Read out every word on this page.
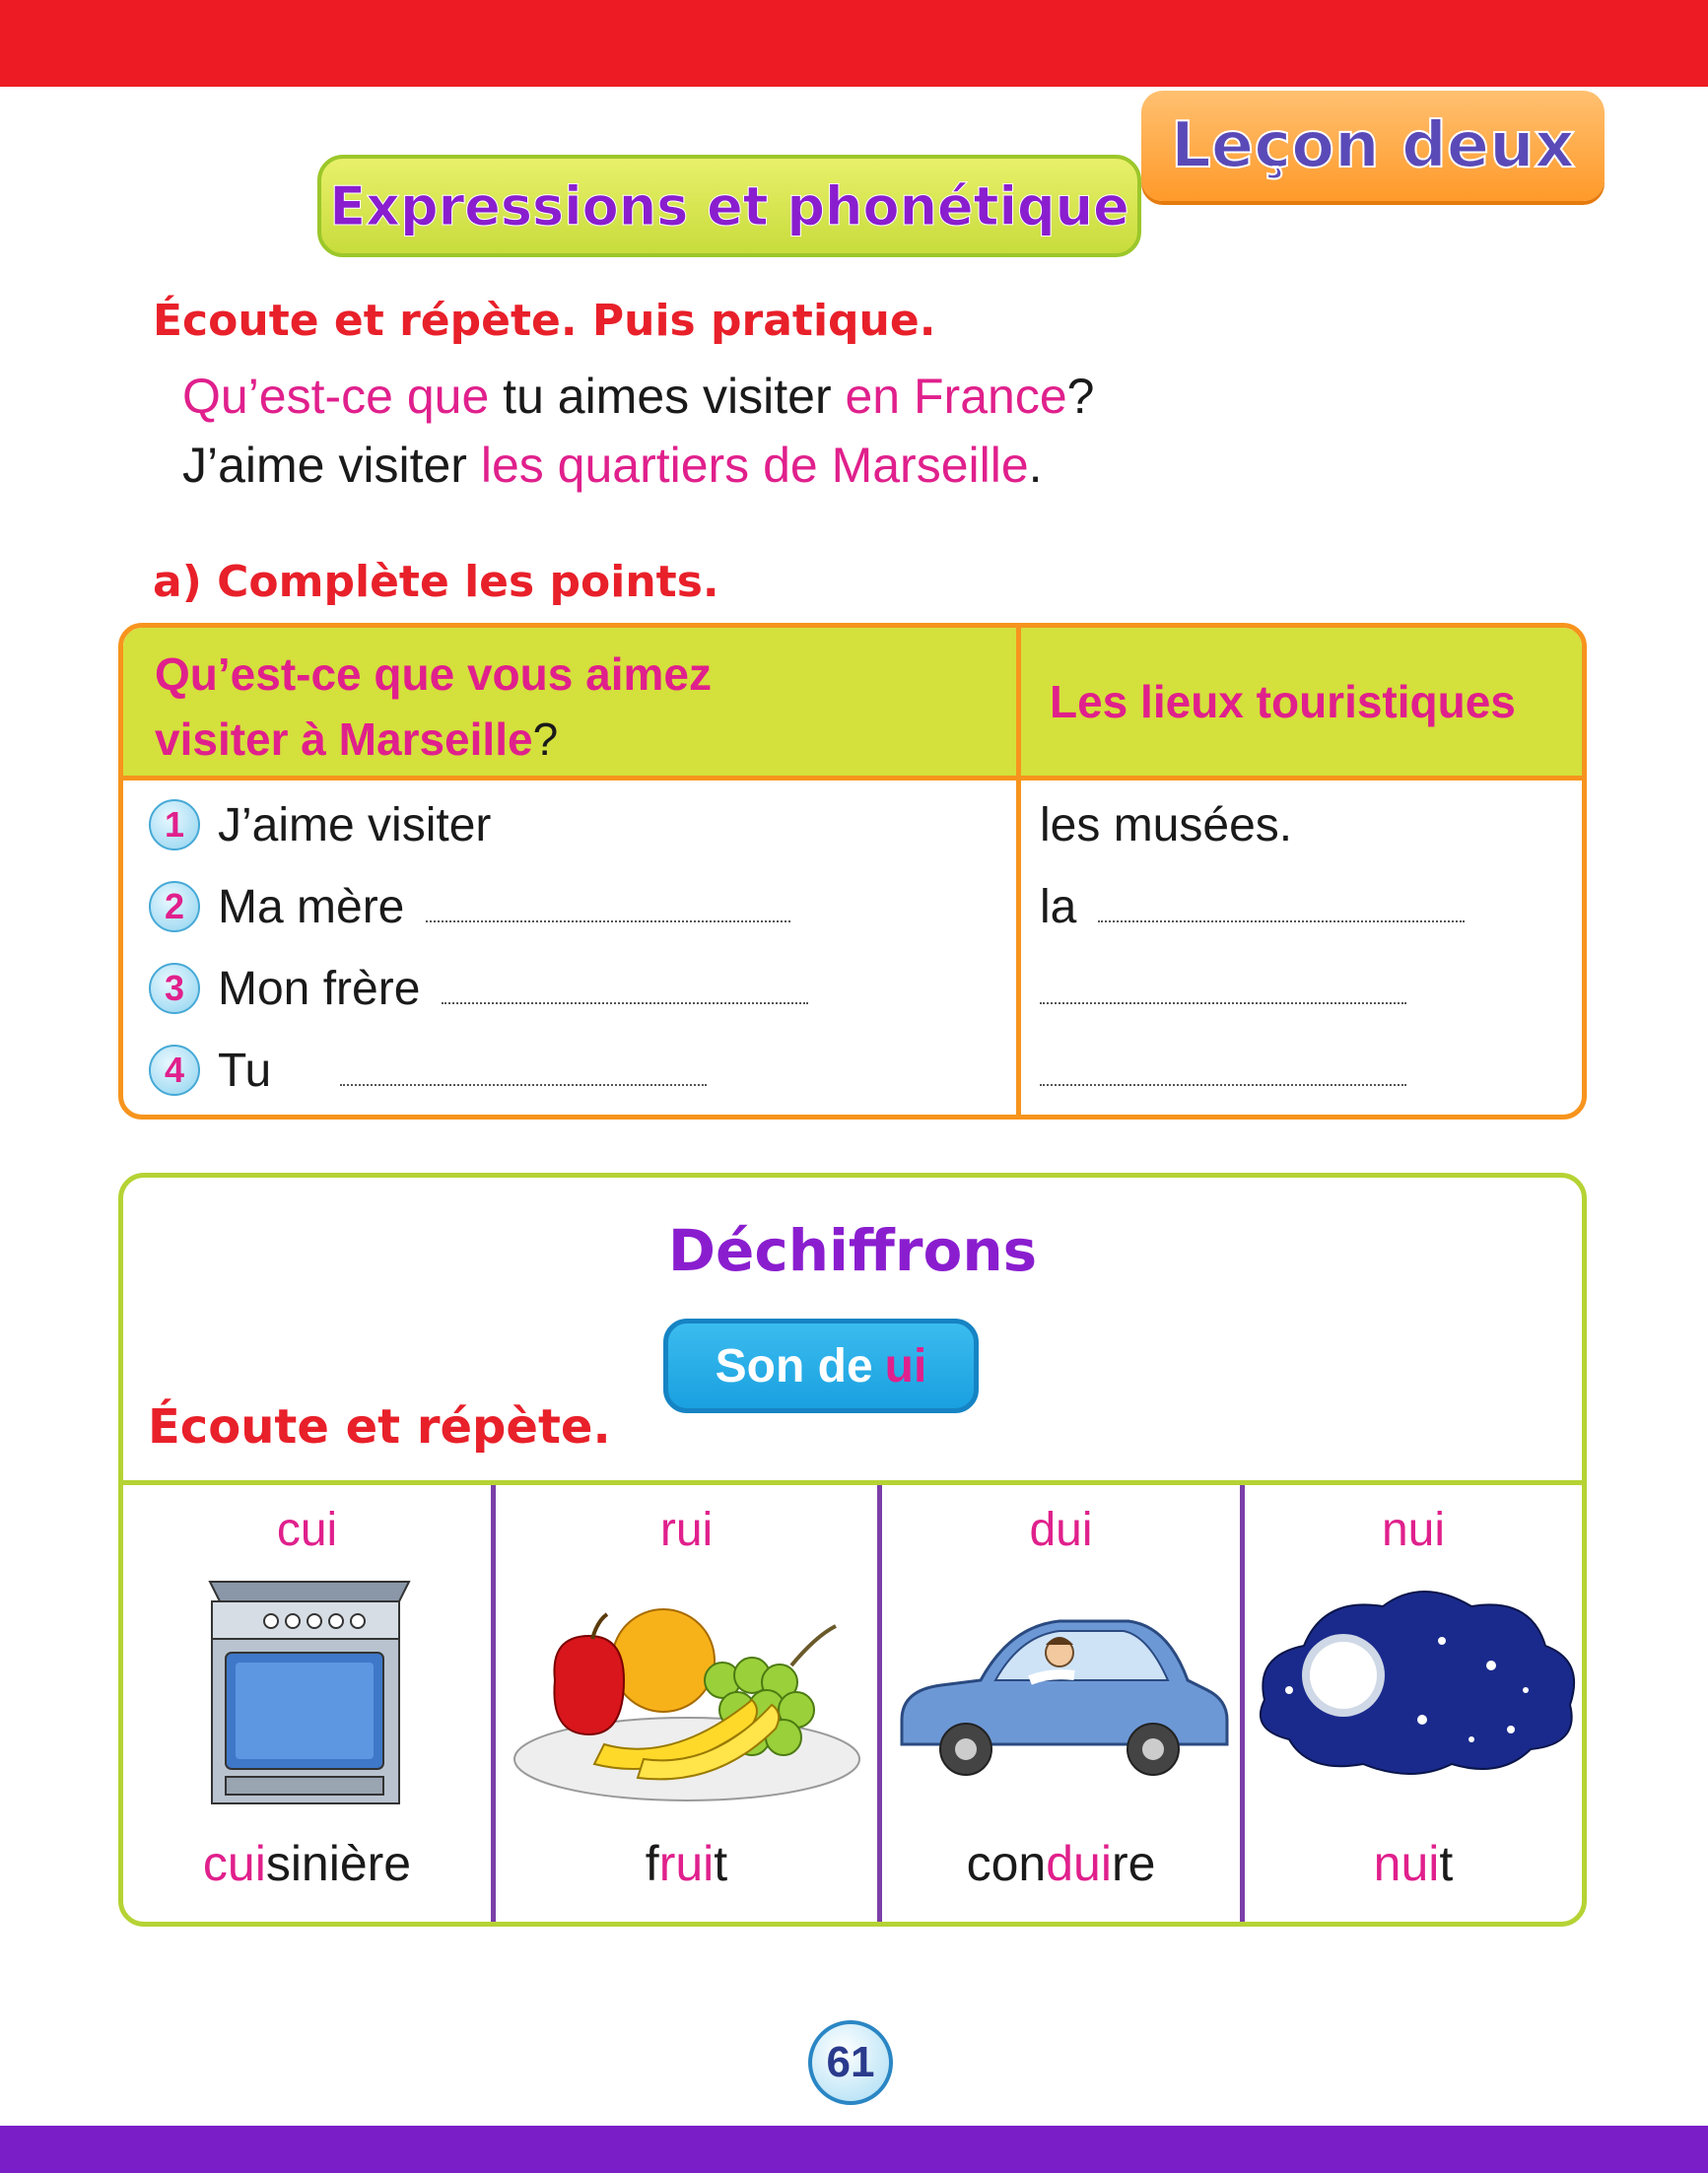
Leçon deux
Expressions et phonétique
Écoute et répète. Puis pratique.
Qu’est-ce que tu aimes visiter en France?
J’aime visiter les quartiers de Marseille.
a) Complète les points.
Qu’est-ce que vous aimez
visiter à Marseille?
Les lieux touristiques
1 J’aime visiter
2 Ma mère
3 Mon frère
4 Tu
les musées.
la
Déchiffrons
Son de ui
Écoute et répète.
cui
cuisinière
rui
fruit
dui
conduire
nui
nuit
61
